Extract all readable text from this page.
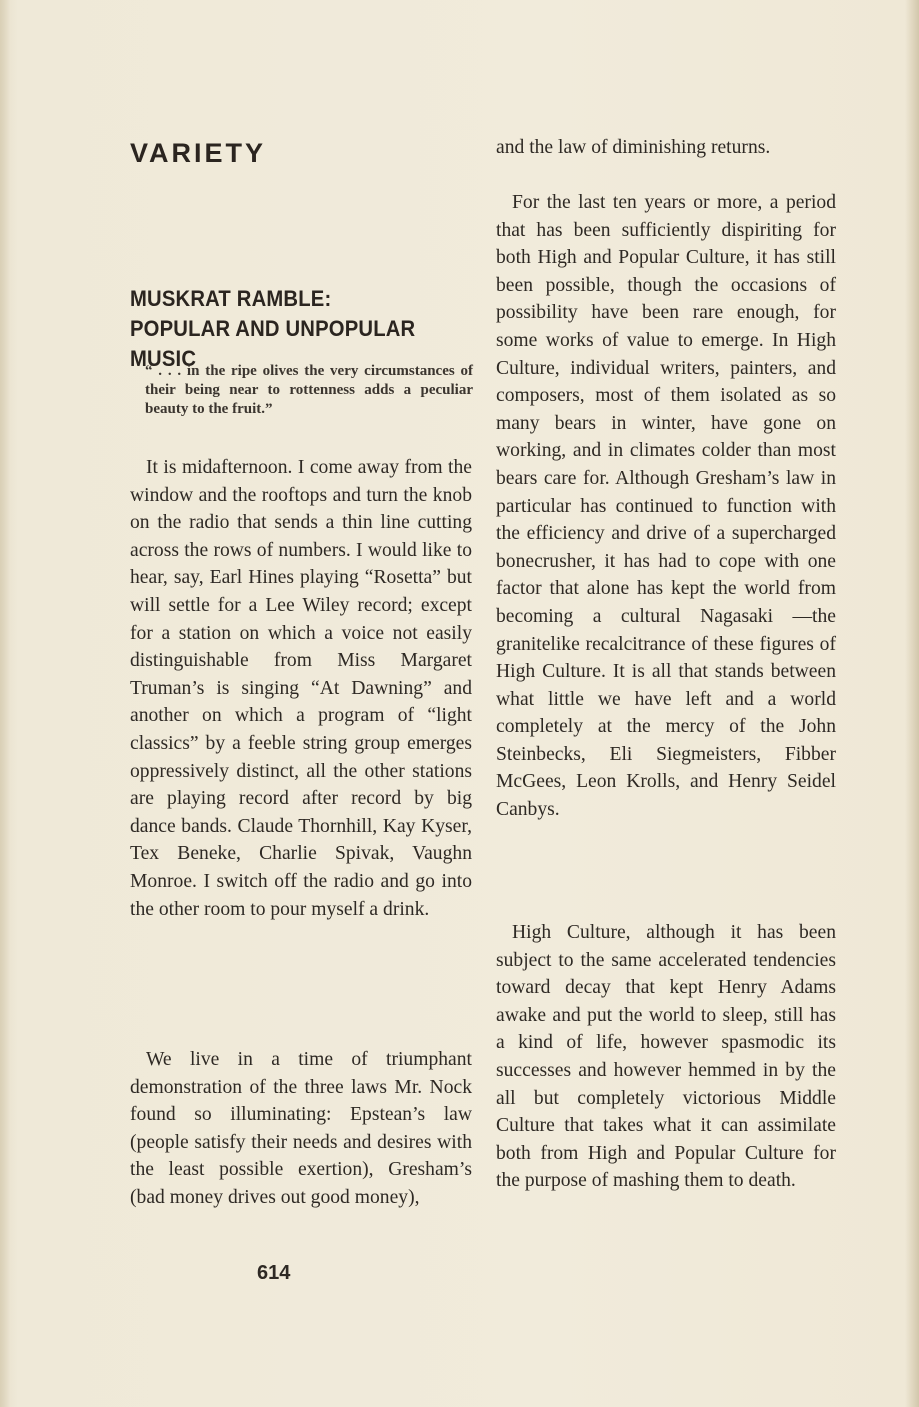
VARIETY
MUSKRAT RAMBLE: POPULAR AND UNPOPULAR MUSIC
“ . . . in the ripe olives the very circumstances of their being near to rottenness adds a peculiar beauty to the fruit.”

It is midafternoon. I come away from the window and the rooftops and turn the knob on the radio that sends a thin line cutting across the rows of numbers. I would like to hear, say, Earl Hines playing “Rosetta” but will settle for a Lee Wiley record; except for a station on which a voice not easily distinguishable from Miss Margaret Truman’s is singing “At Dawning” and another on which a program of “light classics” by a feeble string group emerges oppressively distinct, all the other stations are playing record after record by big dance bands. Claude Thornhill, Kay Kyser, Tex Beneke, Charlie Spivak, Vaughn Monroe. I switch off the radio and go into the other room to pour myself a drink.

We live in a time of triumphant demonstration of the three laws Mr. Nock found so illuminating: Epstean’s law (people satisfy their needs and desires with the least possible exertion), Gresham’s (bad money drives out good money),

and the law of diminishing returns.

For the last ten years or more, a period that has been sufficiently dispiriting for both High and Popular Culture, it has still been possible, though the occasions of possibility have been rare enough, for some works of value to emerge. In High Culture, individual writers, painters, and composers, most of them isolated as so many bears in winter, have gone on working, and in climates colder than most bears care for. Although Gresham’s law in particular has continued to function with the efficiency and drive of a supercharged bonecrusher, it has had to cope with one factor that alone has kept the world from becoming a cultural Nagasaki —the granitelike recalcitrance of these figures of High Culture. It is all that stands between what little we have left and a world completely at the mercy of the John Steinbecks, Eli Siegmeisters, Fibber McGees, Leon Krolls, and Henry Seidel Canbys.

High Culture, although it has been subject to the same accelerated tendencies toward decay that kept Henry Adams awake and put the world to sleep, still has a kind of life, however spasmodic its successes and however hemmed in by the all but completely victorious Middle Culture that takes what it can assimilate both from High and Popular Culture for the purpose of mashing them to death.

614
